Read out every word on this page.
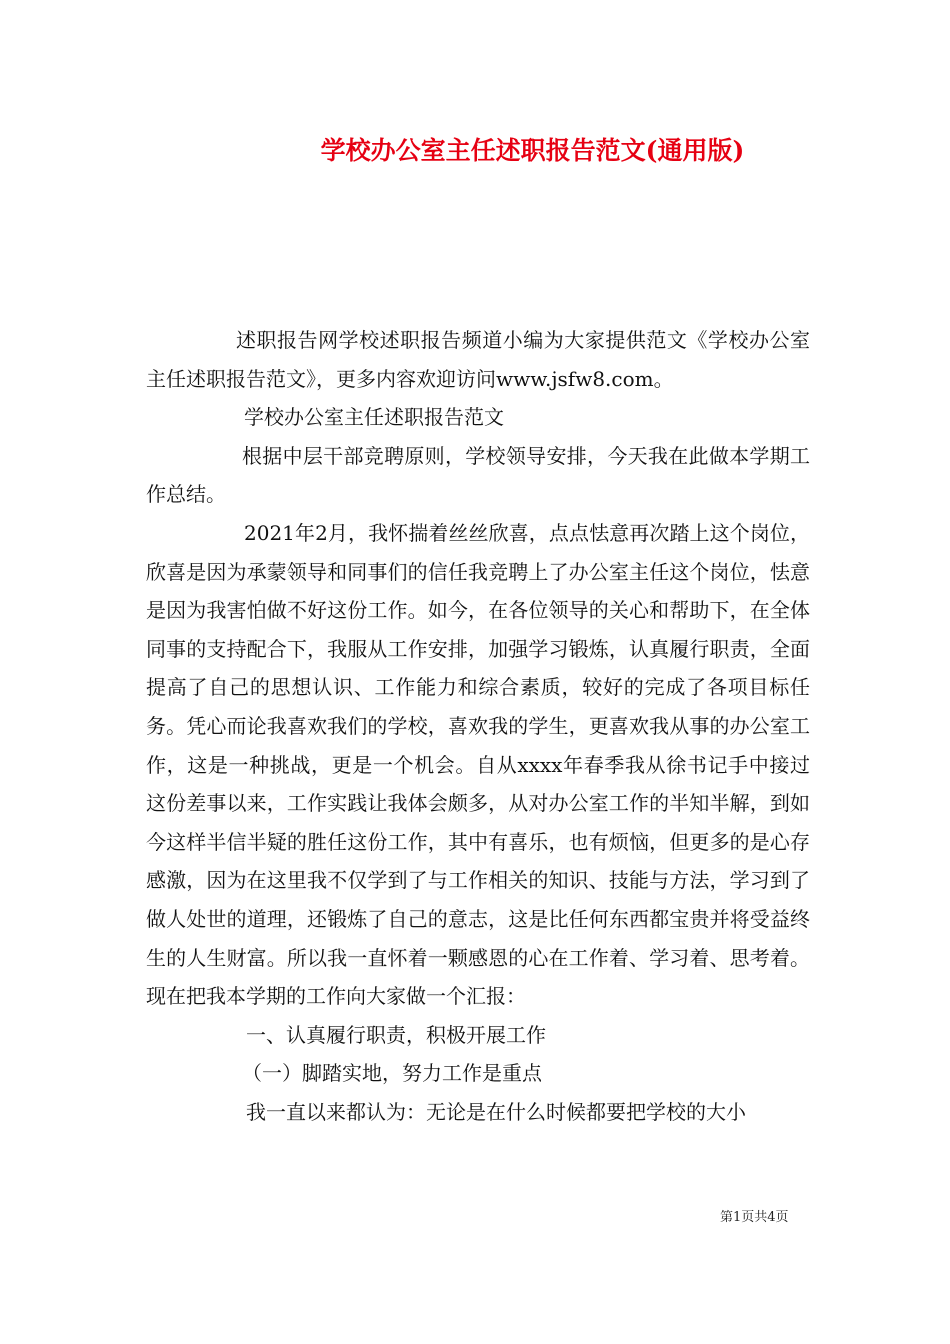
学校办公室主任述职报告范文(通用版)

述职报告网学校述职报告频道小编为大家提供范文《学校办公室主任述职报告范文》，更多内容欢迎访问www.jsfw8.com。

学校办公室主任述职报告范文

根据中层干部竞聘原则，学校领导安排，今天我在此做本学期工作总结。

2021年2月，我怀揣着丝丝欣喜，点点怯意再次踏上这个岗位，欣喜是因为承蒙领导和同事们的信任我竞聘上了办公室主任这个岗位，怯意是因为我害怕做不好这份工作。如今，在各位领导的关心和帮助下，在全体同事的支持配合下，我服从工作安排，加强学习锻炼，认真履行职责，全面提高了自己的思想认识、工作能力和综合素质，较好的完成了各项目标任务。凭心而论我喜欢我们的学校，喜欢我的学生，更喜欢我从事的办公室工作，这是一种挑战，更是一个机会。自从xxxx年春季我从徐书记手中接过这份差事以来，工作实践让我体会颇多，从对办公室工作的半知半解，到如今这样半信半疑的胜任这份工作，其中有喜乐，也有烦恼，但更多的是心存感激，因为在这里我不仅学到了与工作相关的知识、技能与方法，学习到了做人处世的道理，还锻炼了自己的意志，这是比任何东西都宝贵并将受益终生的人生财富。所以我一直怀着一颗感恩的心在工作着、学习着、思考着。现在把我本学期的工作向大家做一个汇报：

一、认真履行职责，积极开展工作

（一）脚踏实地，努力工作是重点

我一直以来都认为：无论是在什么时候都要把学校的大小

第1页共4页
